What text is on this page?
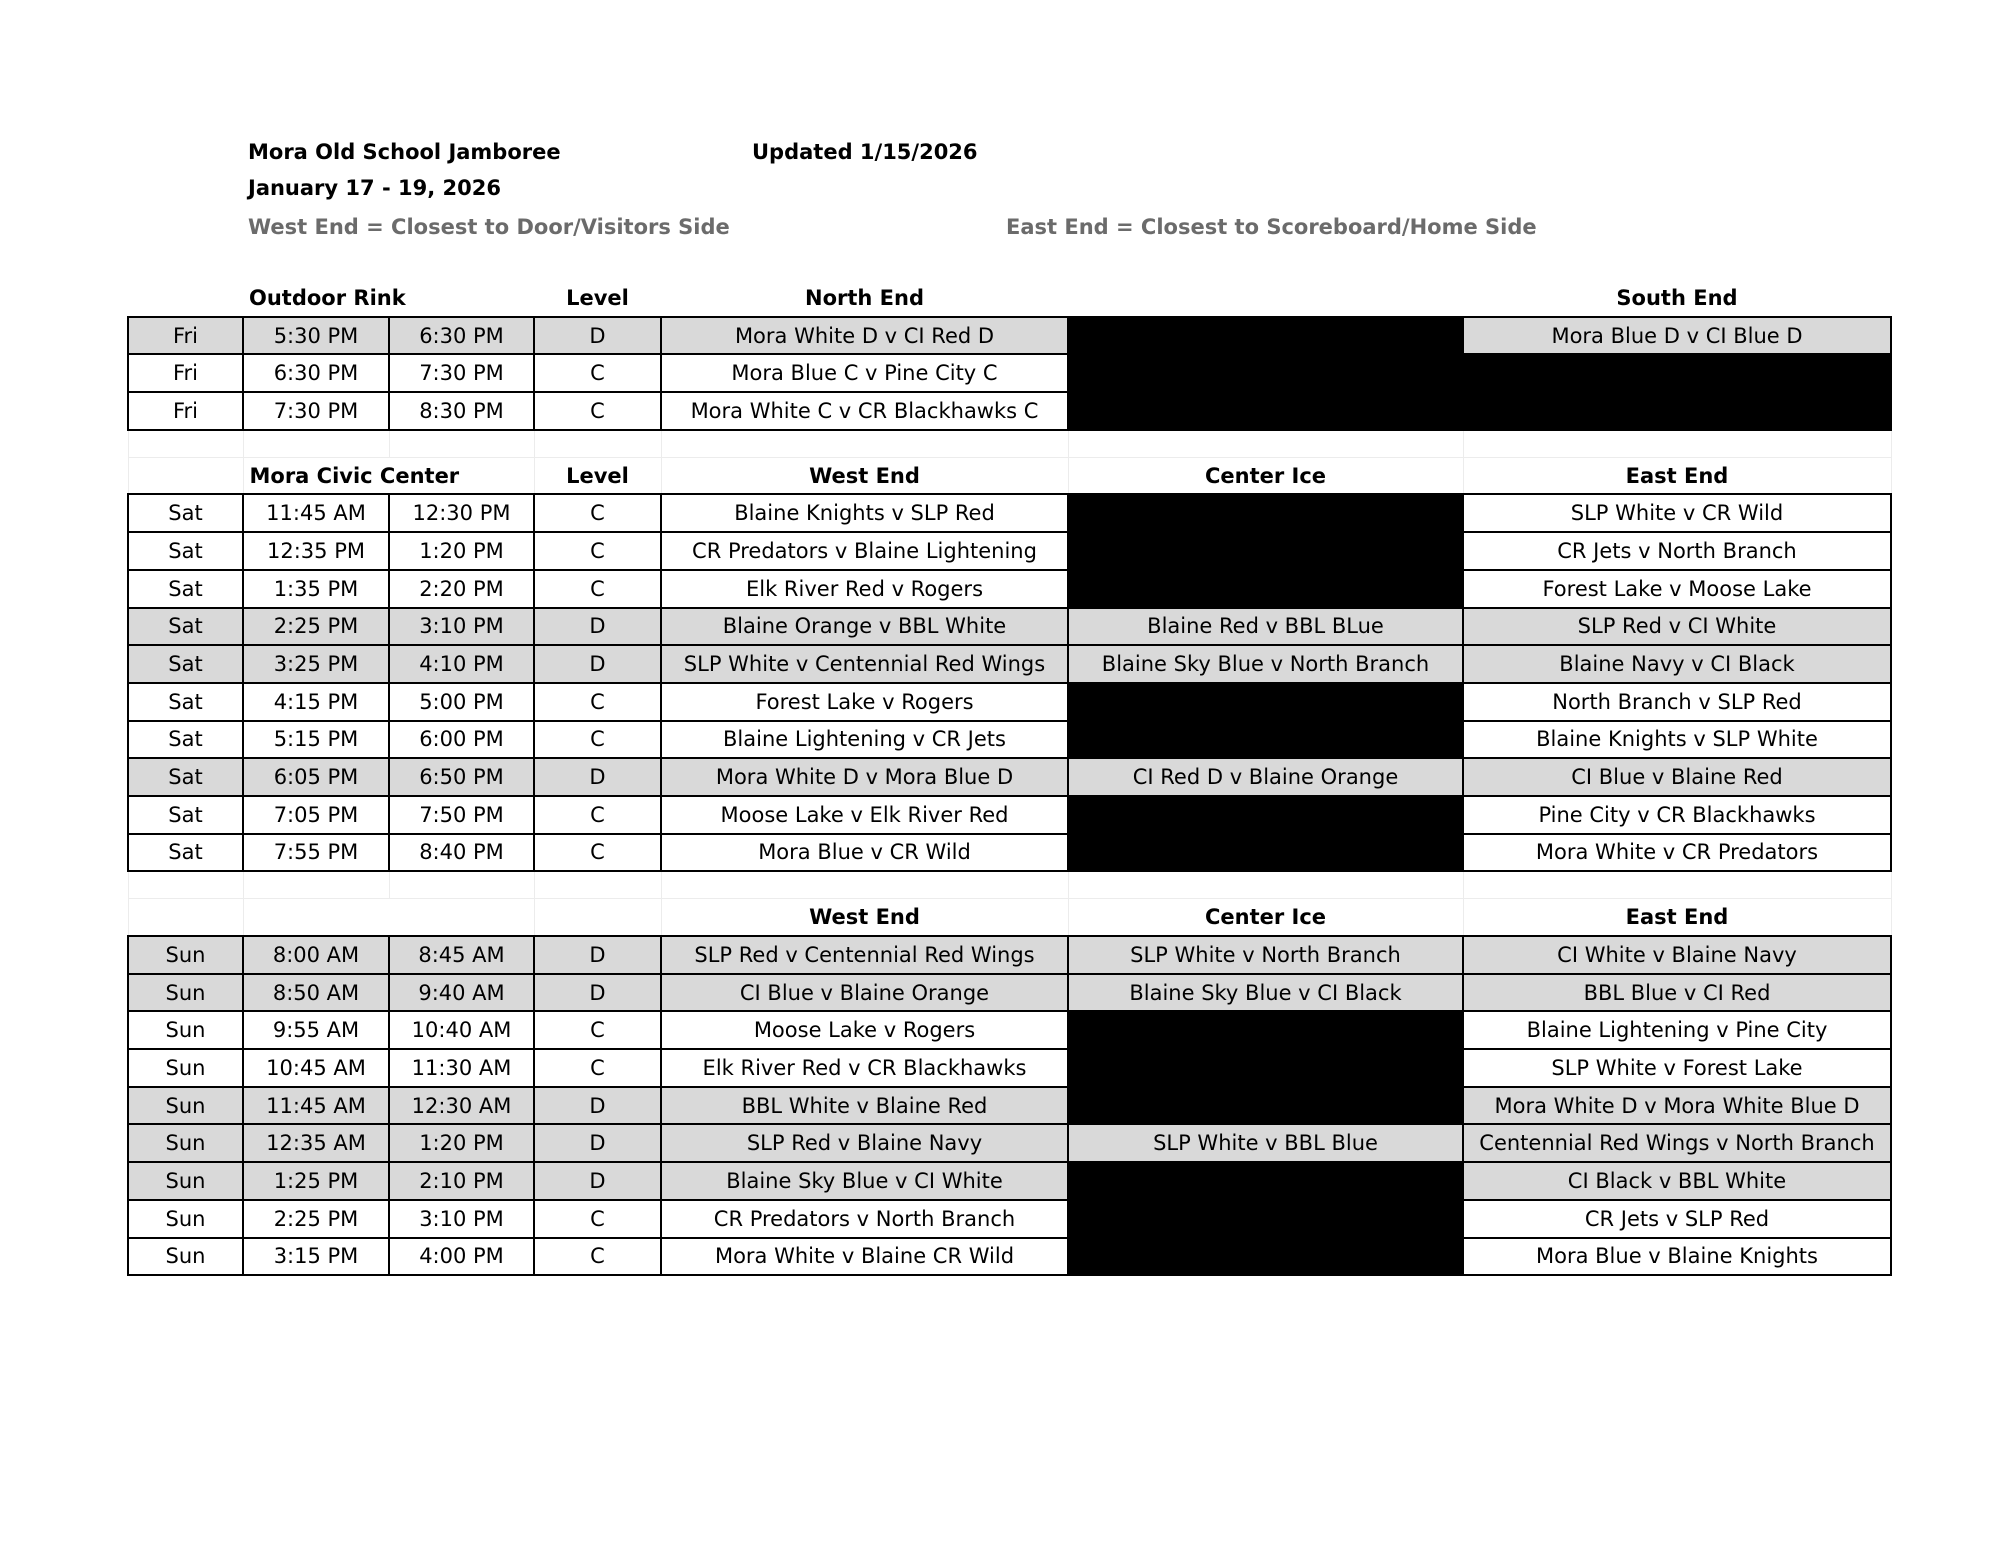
Mora Old School Jamboree	Updated 1/15/2026
January 17 - 19, 2026
West End = Closest to Door/Visitors Side	East End = Closest to Scoreboard/Home Side
	Outdoor Rink		Level	North End		South End
Fri	5:30 PM	6:30 PM	D	Mora White D v CI Red D		Mora Blue D v CI Blue D
Fri	6:30 PM	7:30 PM	C	Mora Blue C v Pine City C		
Fri	7:30 PM	8:30 PM	C	Mora White C v CR Blackhawks C		

	Mora Civic Center		Level	West End	Center Ice	East End
Sat	11:45 AM	12:30 PM	C	Blaine Knights v SLP Red		SLP White v CR Wild
Sat	12:35 PM	1:20 PM	C	CR Predators v Blaine Lightening		CR Jets v North Branch
Sat	1:35 PM	2:20 PM	C	Elk River Red v Rogers		Forest Lake v Moose Lake
Sat	2:25 PM	3:10 PM	D	Blaine Orange v BBL White	Blaine Red v BBL BLue	SLP Red v CI White
Sat	3:25 PM	4:10 PM	D	SLP White v Centennial Red Wings	Blaine Sky Blue v North Branch	Blaine Navy v CI Black
Sat	4:15 PM	5:00 PM	C	Forest Lake v Rogers		North Branch v SLP Red
Sat	5:15 PM	6:00 PM	C	Blaine Lightening v CR Jets		Blaine Knights v SLP White
Sat	6:05 PM	6:50 PM	D	Mora White D v Mora Blue D	CI Red D v Blaine Orange	CI Blue v Blaine Red
Sat	7:05 PM	7:50 PM	C	Moose Lake v Elk River Red		Pine City v CR Blackhawks
Sat	7:55 PM	8:40 PM	C	Mora Blue v CR Wild		Mora White v CR Predators

				West End	Center Ice	East End
Sun	8:00 AM	8:45 AM	D	SLP Red v Centennial Red Wings	SLP White v North Branch	CI White v Blaine Navy
Sun	8:50 AM	9:40 AM	D	CI Blue v Blaine Orange	Blaine Sky Blue v CI Black	BBL Blue v CI Red
Sun	9:55 AM	10:40 AM	C	Moose Lake v Rogers		Blaine Lightening v Pine City
Sun	10:45 AM	11:30 AM	C	Elk River Red v CR Blackhawks		SLP White v Forest Lake
Sun	11:45 AM	12:30 AM	D	BBL White v Blaine Red		Mora White D v Mora White Blue D
Sun	12:35 AM	1:20 PM	D	SLP Red v Blaine Navy	SLP White v BBL Blue	Centennial Red Wings v North Branch
Sun	1:25 PM	2:10 PM	D	Blaine Sky Blue v CI White		CI Black v BBL White
Sun	2:25 PM	3:10 PM	C	CR Predators v North Branch		CR Jets v SLP Red
Sun	3:15 PM	4:00 PM	C	Mora White v Blaine CR Wild		Mora Blue v Blaine Knights
